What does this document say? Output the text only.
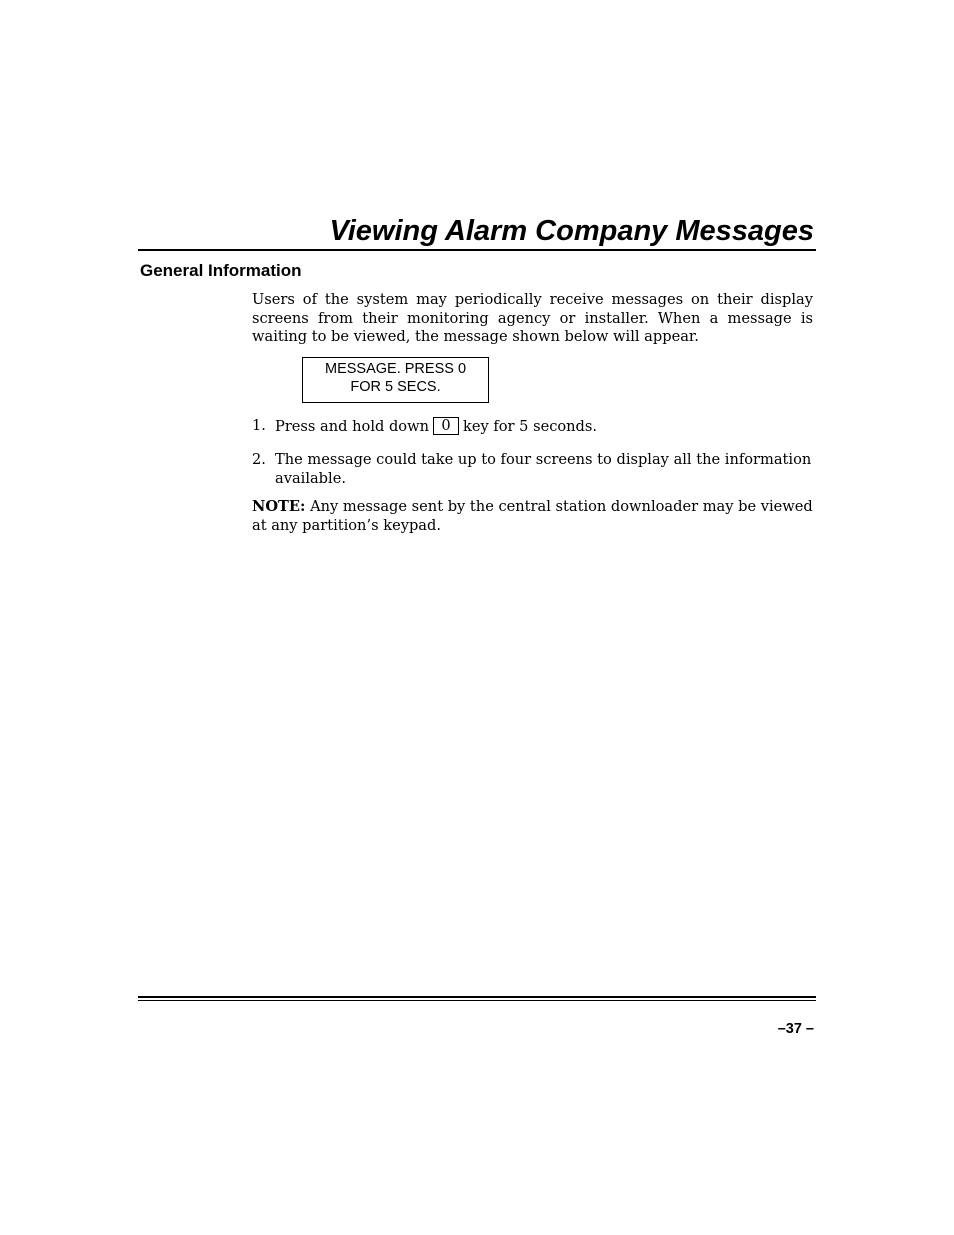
Viewing Alarm Company Messages
General Information

Users of the system may periodically receive messages on their display screens from their monitoring agency or installer. When a message is waiting to be viewed, the message shown below will appear.

MESSAGE. PRESS 0
FOR 5 SECS.
1. Press and hold down 0 key for 5 seconds.
2. The message could take up to four screens to display all the information available.

NOTE: Any message sent by the central station downloader may be viewed at any partition’s keypad.

–37 –
